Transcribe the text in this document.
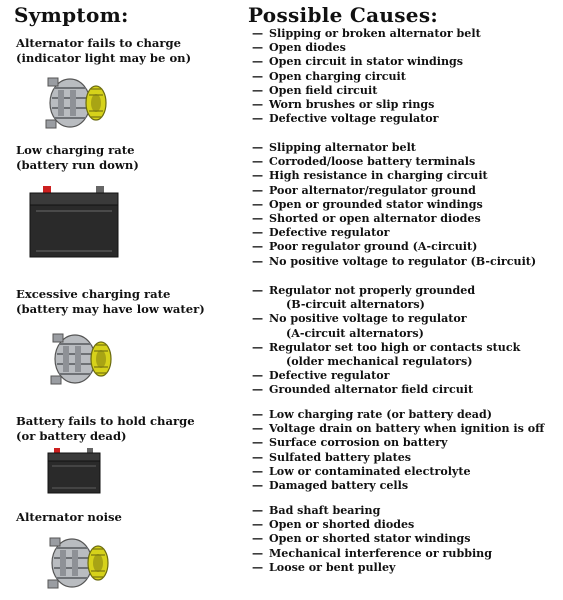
Symptom:	Possible Causes:
Alternator fails to charge
(indicator light may be on)
— Slipping or broken alternator belt
— Open diodes
— Open circuit in stator windings
— Open charging circuit
— Open field circuit
— Worn brushes or slip rings
— Defective voltage regulator
Low charging rate
(battery run down)
— Slipping alternator belt
— Corroded/loose battery terminals
— High resistance in charging circuit
— Poor alternator/regulator ground
— Open or grounded stator windings
— Shorted or open alternator diodes
— Defective regulator
— Poor regulator ground (A-circuit)
— No positive voltage to regulator (B-circuit)
Excessive charging rate
(battery may have low water)
— Regulator not properly grounded
(B-circuit alternators)
— No positive voltage to regulator
(A-circuit alternators)
— Regulator set too high or contacts stuck
(older mechanical regulators)
— Defective regulator
— Grounded alternator field circuit
Battery fails to hold charge
(or battery dead)
— Low charging rate (or battery dead)
— Voltage drain on battery when ignition is off
— Surface corrosion on battery
— Sulfated battery plates
— Low or contaminated electrolyte
— Damaged battery cells
Alternator noise	— Bad shaft bearing
— Open or shorted diodes
— Open or shorted stator windings
— Mechanical interference or rubbing
— Loose or bent pulley
